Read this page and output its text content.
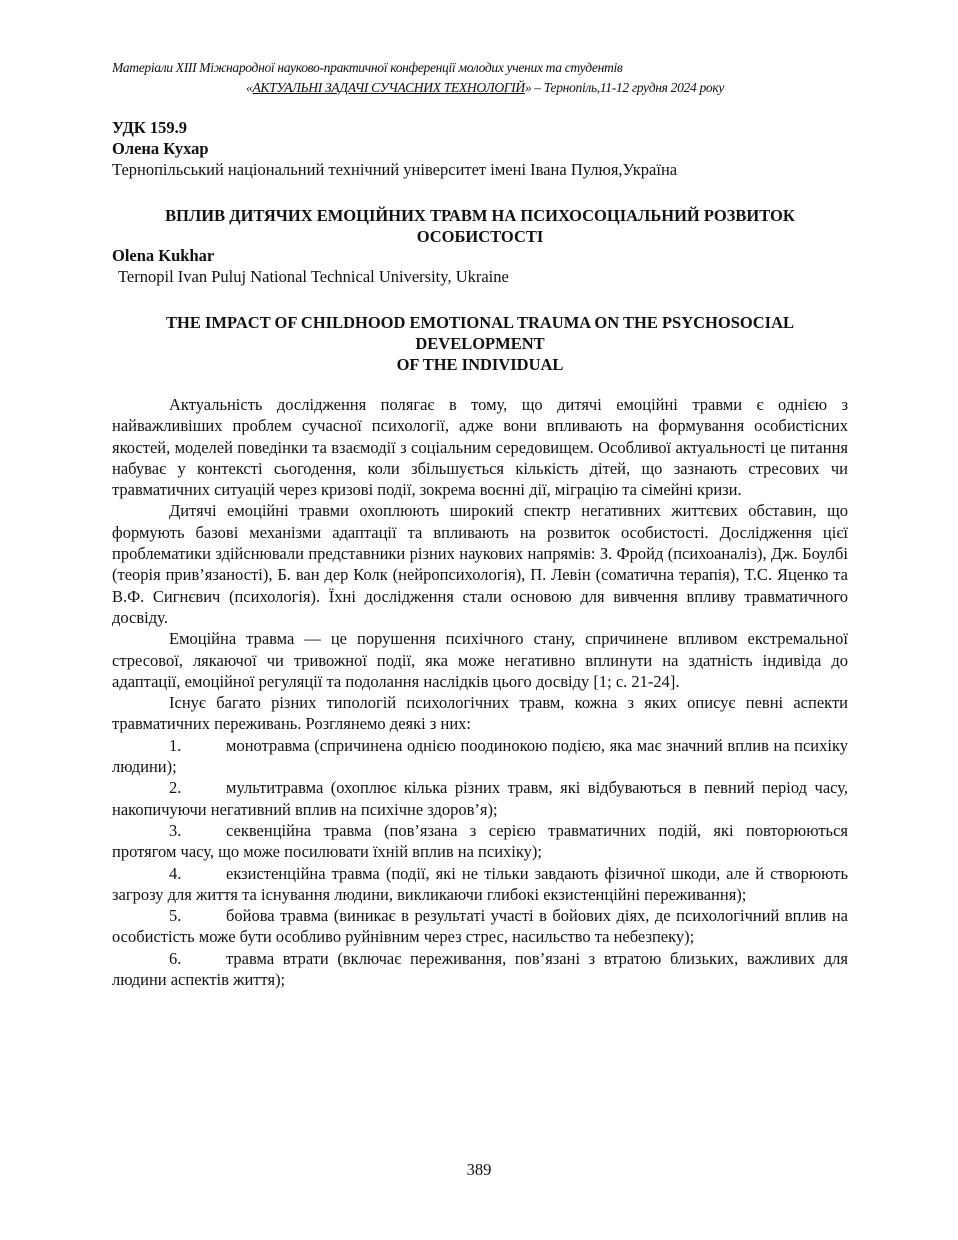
Матеріали XIII Міжнародної науково-практичної конференції молодих учених та студентів
«АКТУАЛЬНІ ЗАДАЧІ СУЧАСНИХ ТЕХНОЛОГІЙ» – Тернопіль,11-12 грудня 2024 року
УДК 159.9
Олена Кухар
Тернопільський національний технічний університет імені Івана Пулюя,Україна
ВПЛИВ ДИТЯЧИХ ЕМОЦІЙНИХ ТРАВМ НА ПСИХОСОЦІАЛЬНИЙ РОЗВИТОК
ОСОБИСТОСТІ
Olena Kukhar
Ternopil Ivan Puluj National Technical University, Ukraine
THE IMPACT OF CHILDHOOD EMOTIONAL TRAUMA ON THE PSYCHOSOCIAL
DEVELOPMENT
OF THE INDIVIDUAL

Актуальність дослідження полягає в тому, що дитячі емоційні травми є однією з найважливіших проблем сучасної психології, адже вони впливають на формування особистісних якостей, моделей поведінки та взаємодії з соціальним середовищем. Особливої актуальності це питання набуває у контексті сьогодення, коли збільшується кількість дітей, що зазнають стресових чи травматичних ситуацій через кризові події, зокрема воєнні дії, міграцію та сімейні кризи.

Дитячі емоційні травми охоплюють широкий спектр негативних життєвих обставин, що формують базові механізми адаптації та впливають на розвиток особистості. Дослідження цієї проблематики здійснювали представники різних наукових напрямів: З. Фройд (психоаналіз), Дж. Боулбі (теорія прив’язаності), Б. ван дер Колк (нейропсихологія), П. Левін (соматична терапія), Т.С. Яценко та В.Ф. Сигнєвич (психологія). Їхні дослідження стали основою для вивчення впливу травматичного досвіду.

Емоційна травма — це порушення психічного стану, спричинене впливом екстремальної стресової, лякаючої чи тривожної події, яка може негативно вплинути на здатність індивіда до адаптації, емоційної регуляції та подолання наслідків цього досвіду [1; с. 21-24].

Існує багато різних типологій психологічних травм, кожна з яких описує певні аспекти травматичних переживань. Розглянемо деякі з них:

1.	монотравма (спричинена однією поодинокою подією, яка має значний вплив на психіку людини);

2.	мультитравма (охоплює кілька різних травм, які відбуваються в певний період часу, накопичуючи негативний вплив на психічне здоров’я);

3.	секвенційна травма (пов’язана з серією травматичних подій, які повторюються протягом часу, що може посилювати їхній вплив на психіку);

4.	екзистенційна травма (події, які не тільки завдають фізичної шкоди, але й створюють загрозу для життя та існування людини, викликаючи глибокі екзистенційні переживання);

5.	бойова травма (виникає в результаті участі в бойових діях, де психологічний вплив на особистість може бути особливо руйнівним через стрес, насильство та небезпеку);

6.	травма втрати (включає переживання, пов’язані з втратою близьких, важливих для людини аспектів життя);

389
